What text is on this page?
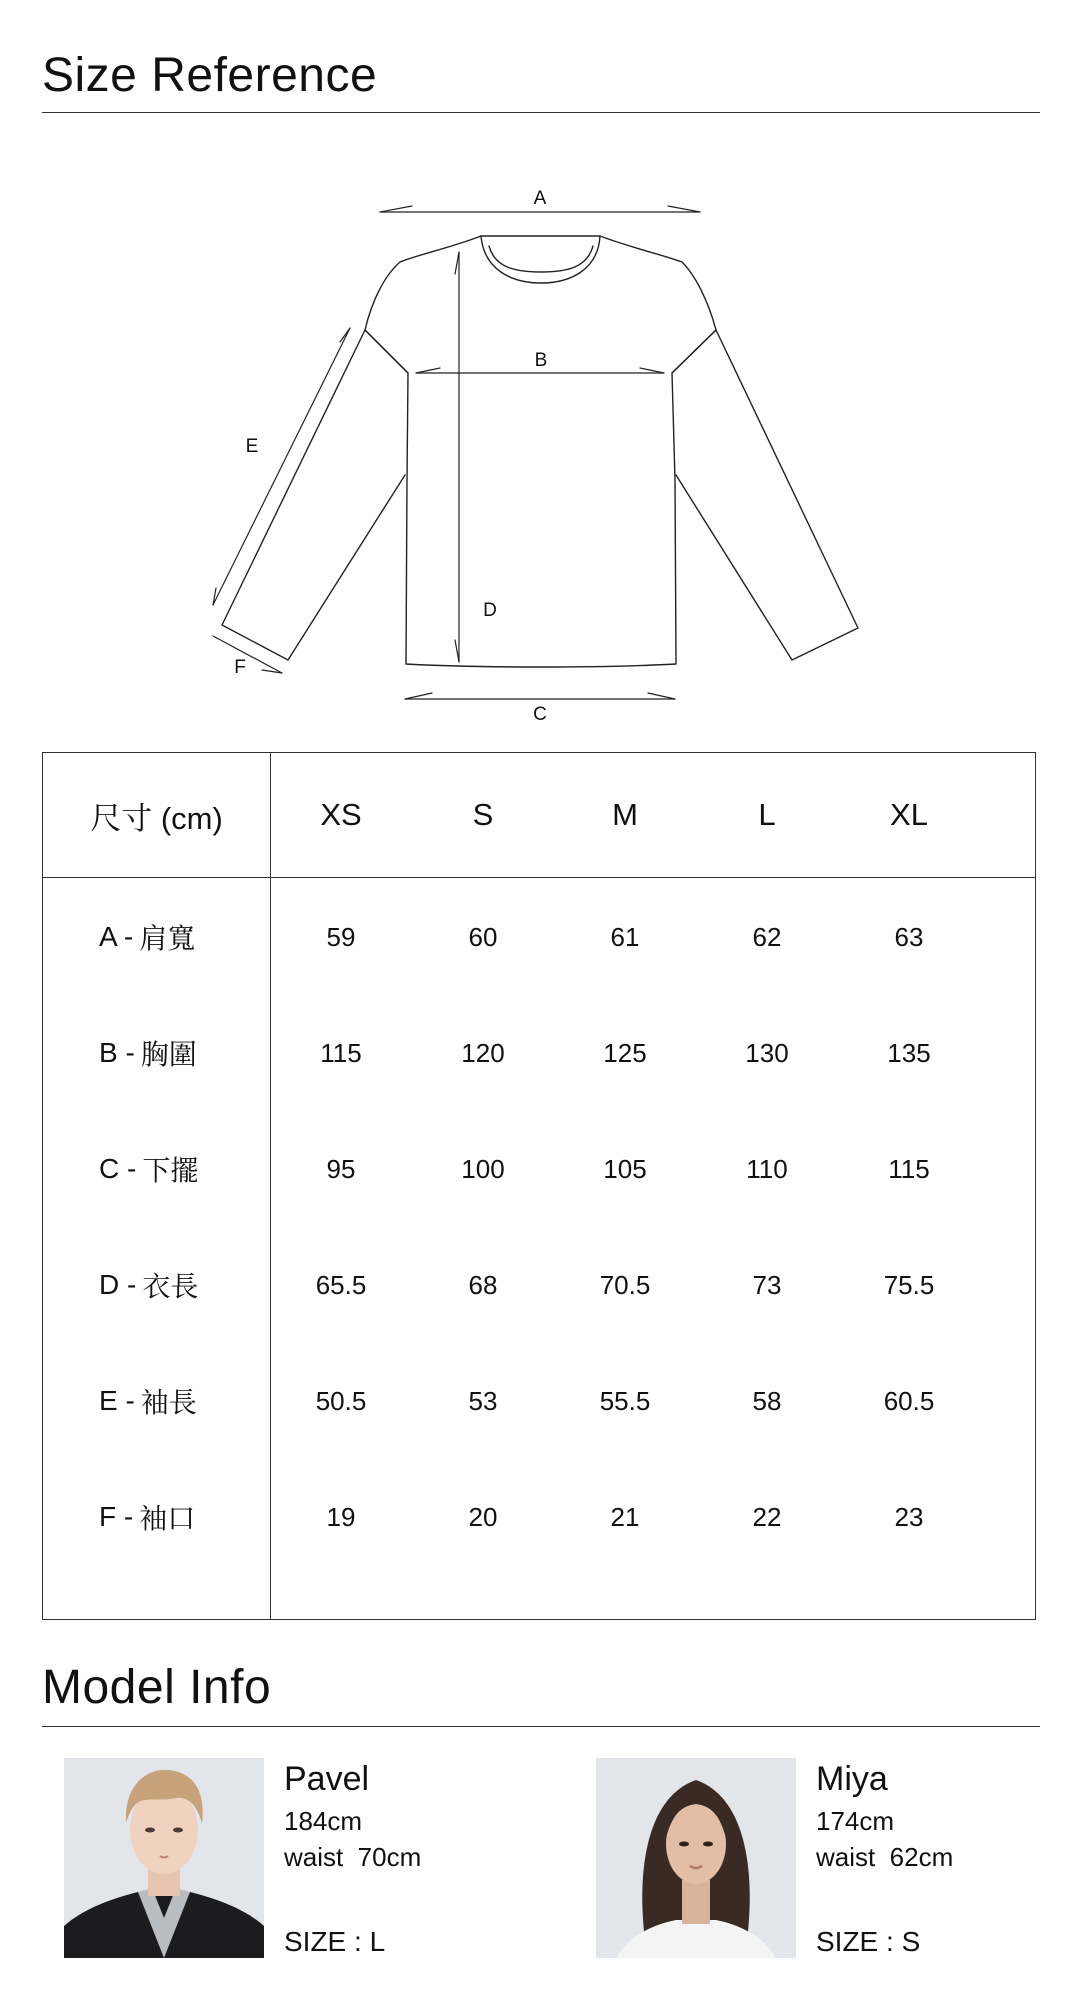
Size Reference
A
B
C
D
E
F
尺寸 (cm)	XS	S	M	L	XL
A - 肩寬	59	60	61	62	63
B - 胸圍	115	120	125	130	135
C - 下擺	95	100	105	110	115
D - 衣長	65.5	68	70.5	73	75.5
E - 袖長	50.5	53	55.5	58	60.5
F - 袖口	19	20	21	22	23
Model Info
Pavel
184cm
waist  70cm
SIZE : L
Miya
174cm
waist  62cm
SIZE : S
